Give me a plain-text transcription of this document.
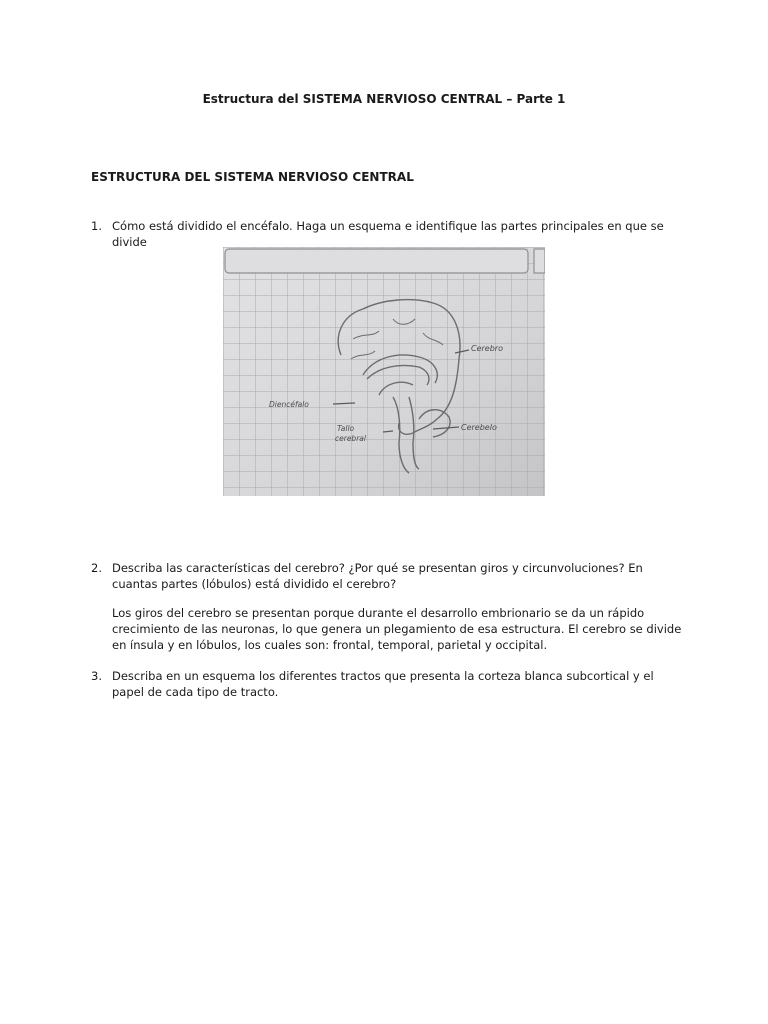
Estructura del SISTEMA NERVIOSO CENTRAL – Parte 1
ESTRUCTURA DEL SISTEMA NERVIOSO CENTRAL
1. Cómo está dividido el encéfalo. Haga un esquema e identifique las partes principales en que se divide
Cerebro
Diencéfalo
Tallo
cerebral
Cerebelo
2. Describa las características del cerebro? ¿Por qué se presentan giros y circunvoluciones? En cuantas partes (lóbulos) está dividido el cerebro?
Los giros del cerebro se presentan porque durante el desarrollo embrionario se da un rápido crecimiento de las neuronas, lo que genera un plegamiento de esa estructura. El cerebro se divide en ínsula y en lóbulos, los cuales son: frontal, temporal, parietal y occipital.
3. Describa en un esquema los diferentes tractos que presenta la corteza blanca subcortical y el papel de cada tipo de tracto.
